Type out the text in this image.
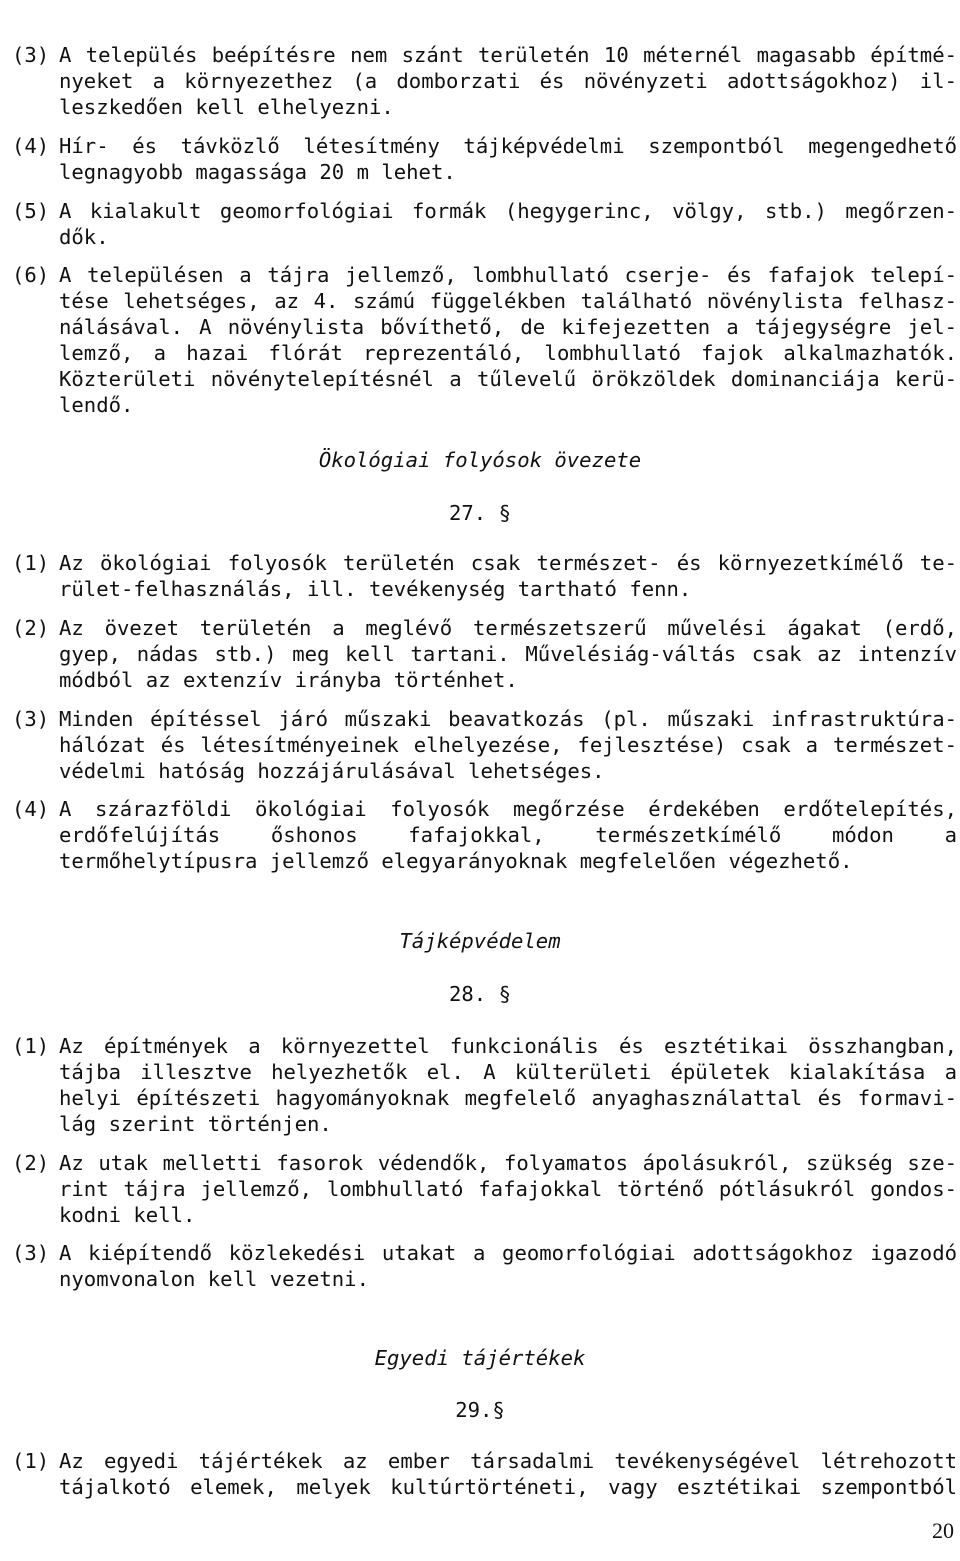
(3) A település beépítésre nem szánt területén 10 méternél magasabb építmé-
nyeket a környezethez (a domborzati és növényzeti adottságokhoz) il-
leszkedően kell elhelyezni.
(4) Hír- és távközlő létesítmény tájképvédelmi szempontból megengedhető
legnagyobb magassága 20 m lehet.
(5) A kialakult geomorfológiai formák (hegygerinc, völgy, stb.) megőrzen-
dők.
(6) A településen a tájra jellemző, lombhullató cserje- és fafajok telepí-
tése lehetséges, az 4. számú függelékben található növénylista felhasz-
nálásával. A növénylista bővíthető, de kifejezetten a tájegységre jel-
lemző, a hazai flórát reprezentáló, lombhullató fajok alkalmazhatók.
Közterületi növénytelepítésnél a tűlevelű örökzöldek dominanciája kerü-
lendő.
Ökológiai folyósok övezete
27. §
(1) Az ökológiai folyosók területén csak természet- és környezetkímélő te-
rület-felhasználás, ill. tevékenység tartható fenn.
(2) Az övezet területén a meglévő természetszerű művelési ágakat (erdő,
gyep, nádas stb.) meg kell tartani. Művelésiág-váltás csak az intenzív
módból az extenzív irányba történhet.
(3) Minden építéssel járó műszaki beavatkozás (pl. műszaki infrastruktúra-
hálózat és létesítményeinek elhelyezése, fejlesztése) csak a természet-
védelmi hatóság hozzájárulásával lehetséges.
(4) A szárazföldi ökológiai folyosók megőrzése érdekében erdőtelepítés,
erdőfelújítás őshonos fafajokkal, természetkímélő módon a
termőhelytípusra jellemző elegyarányoknak megfelelően végezhető.
Tájképvédelem
28. §
(1) Az építmények a környezettel funkcionális és esztétikai összhangban,
tájba illesztve helyezhetők el. A külterületi épületek kialakítása a
helyi építészeti hagyományoknak megfelelő anyaghasználattal és formavi-
lág szerint történjen.
(2) Az utak melletti fasorok védendők, folyamatos ápolásukról, szükség sze-
rint tájra jellemző, lombhullató fafajokkal történő pótlásukról gondos-
kodni kell.
(3) A kiépítendő közlekedési utakat a geomorfológiai adottságokhoz igazodó
nyomvonalon kell vezetni.
Egyedi tájértékek
29.§
(1) Az egyedi tájértékek az ember társadalmi tevékenységével létrehozott
tájalkotó elemek, melyek kultúrtörténeti, vagy esztétikai szempontból
20
